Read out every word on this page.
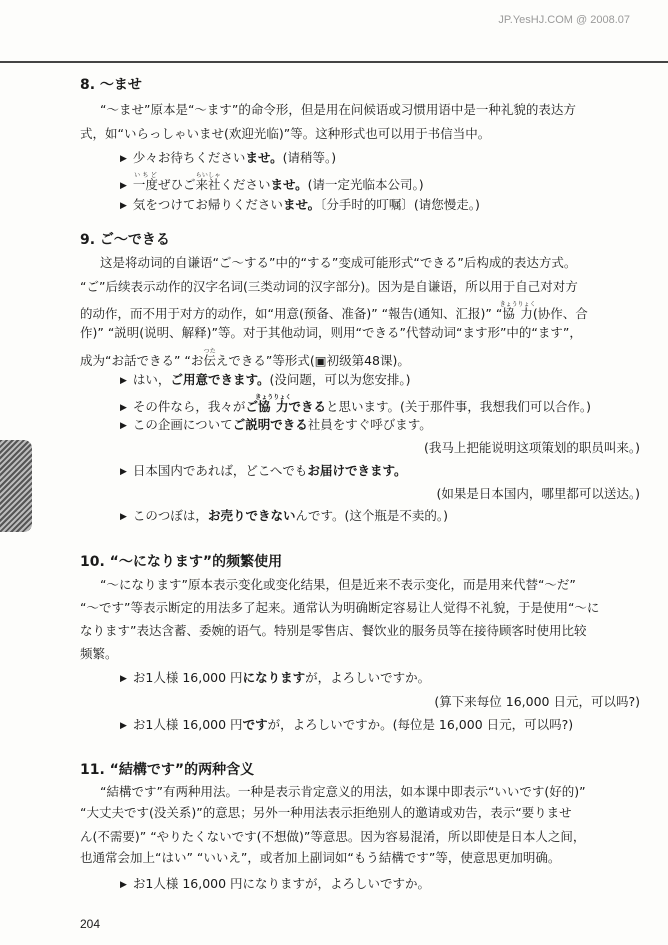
JP.YesHJ.COM @ 2008.07
8. ～ませ
“～ませ”原本是“～ます”的命令形，但是用在问候语或习惯用语中是一种礼貌的表达方
式，如“いらっしゃいませ(欢迎光临)”等。这种形式也可以用于书信当中。
▶ 少々お待ちくださいませ。(请稍等。)
▶ 一度いちどぜひご来社らいしゃくださいませ。(请一定光临本公司。)
▶ 気をつけてお帰りくださいませ。〔分手时的叮嘱〕(请您慢走。)
9. ご～できる
这是将动词的自谦语“ご～する”中的“する”变成可能形式“できる”后构成的表达方式。
“ご”后续表示动作的汉字名词(三类动词的汉字部分)。因为是自谦语，所以用于自己对对方
的动作，而不用于对方的动作，如“用意(预备、准备)” “報告(通知、汇报)” “協力きょうりょく(协作、合
作)” “説明(说明、解释)”等。对于其他动词，则用“できる”代替动词“ます形”中的“ます”，
成为“お話できる” “お伝つたえできる”等形式(▣初级第48课)。
▶ はい，ご用意できます。(没问题，可以为您安排。)
▶ その件なら，我々がご協力きょうりょくできると思います。(关于那件事，我想我们可以合作。)
▶ この企画についてご説明できる社員をすぐ呼びます。
(我马上把能说明这项策划的职员叫来。)
▶ 日本国内であれば，どこへでもお届けできます。
(如果是日本国内，哪里都可以送达。)
▶ このつぼは，お売りできないんです。(这个瓶是不卖的。)
10. “～になります”的频繁使用
“～になります”原本表示变化或变化结果，但是近来不表示变化，而是用来代替“～だ”
“～です”等表示断定的用法多了起来。通常认为明确断定容易让人觉得不礼貌，于是使用“～に
なります”表达含蓄、委婉的语气。特别是零售店、餐饮业的服务员等在接待顾客时使用比较
频繁。
▶ お1人様 16,000 円になりますが，よろしいですか。
(算下来每位 16,000 日元，可以吗?)
▶ お1人様 16,000 円ですが，よろしいですか。(每位是 16,000 日元，可以吗?)
11. “結構です”的两种含义
“結構です”有两种用法。一种是表示肯定意义的用法，如本课中即表示“いいです(好的)”
“大丈夫です(没关系)”的意思；另外一种用法表示拒绝别人的邀请或劝告，表示“要りませ
ん(不需要)” “やりたくないです(不想做)”等意思。因为容易混淆，所以即使是日本人之间，
也通常会加上“はい” “いいえ”，或者加上副词如“もう結構です”等，使意思更加明确。
▶ お1人様 16,000 円になりますが，よろしいですか。
204
